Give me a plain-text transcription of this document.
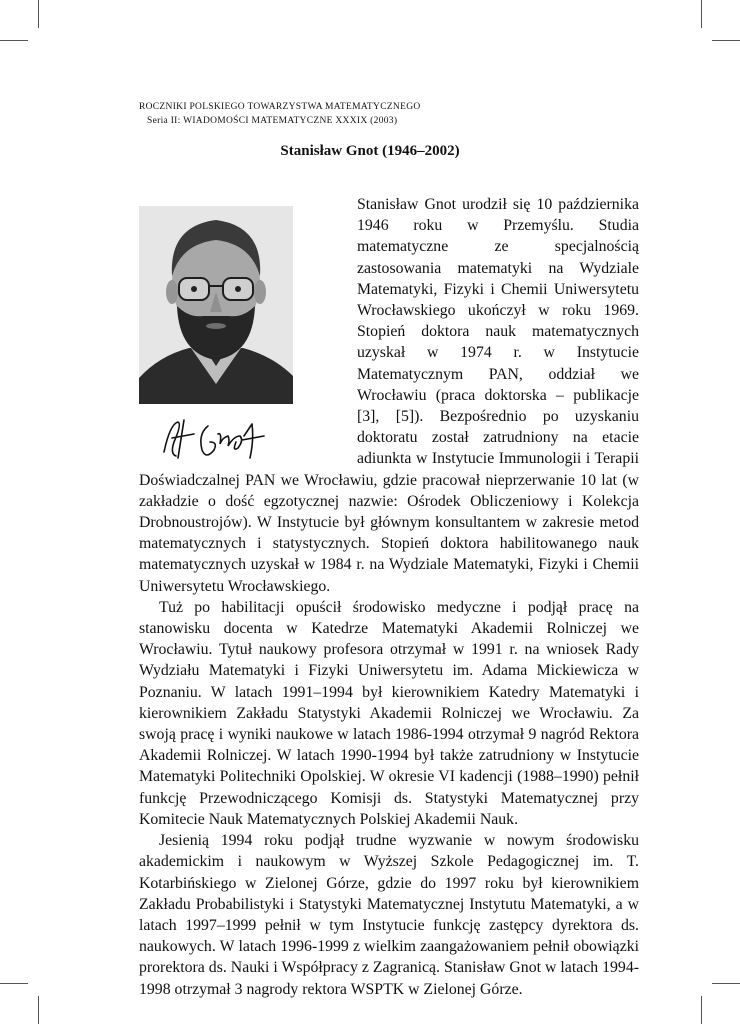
ROCZNIKI POLSKIEGO TOWARZYSTWA MATEMATYCZNEGO
Seria II: WIADOMOŚCI MATEMATYCZNE XXXIX (2003)
Stanisław Gnot (1946–2002)

Stanisław Gnot urodził się 10 października 1946 roku w Przemyślu. Studia matematyczne ze specjalnością zastosowania matematyki na Wydziale Matematyki, Fizyki i Chemii Uniwersytetu Wrocławskiego ukończył w roku 1969. Stopień doktora nauk matematycznych uzyskał w 1974 r. w Instytucie Matematycznym PAN, oddział we Wrocławiu (praca doktorska – publikacje [3], [5]). Bezpośrednio po uzyskaniu doktoratu został zatrudniony na etacie adiunkta w Instytucie Immunologii i Terapii Doświadczalnej PAN we Wrocławiu, gdzie pracował nieprzerwanie 10 lat (w zakładzie o dość egzotycznej nazwie: Ośrodek Obliczeniowy i Kolekcja Drobnoustrojów). W Instytucie był głównym konsultantem w zakresie metod matematycznych i statystycznych. Stopień doktora habilitowanego nauk matematycznych uzyskał w 1984 r. na Wydziale Matematyki, Fizyki i Chemii Uniwersytetu Wrocławskiego.

Tuż po habilitacji opuścił środowisko medyczne i podjął pracę na stanowisku docenta w Katedrze Matematyki Akademii Rolniczej we Wrocławiu. Tytuł naukowy profesora otrzymał w 1991 r. na wniosek Rady Wydziału Matematyki i Fizyki Uniwersytetu im. Adama Mickiewicza w Poznaniu. W latach 1991–1994 był kierownikiem Katedry Matematyki i kierownikiem Zakładu Statystyki Akademii Rolniczej we Wrocławiu. Za swoją pracę i wyniki naukowe w latach 1986-1994 otrzymał 9 nagród Rektora Akademii Rolniczej. W latach 1990-1994 był także zatrudniony w Instytucie Matematyki Politechniki Opolskiej. W okresie VI kadencji (1988–1990) pełnił funkcję Przewodniczącego Komisji ds. Statystyki Matematycznej przy Komitecie Nauk Matematycznych Polskiej Akademii Nauk.

Jesienią 1994 roku podjął trudne wyzwanie w nowym środowisku akademickim i naukowym w Wyższej Szkole Pedagogicznej im. T. Kotarbińskiego w Zielonej Górze, gdzie do 1997 roku był kierownikiem Zakładu Probabilistyki i Statystyki Matematycznej Instytutu Matematyki, a w latach 1997–1999 pełnił w tym Instytucie funkcję zastępcy dyrektora ds. naukowych. W latach 1996-1999 z wielkim zaangażowaniem pełnił obowiązki prorektora ds. Nauki i Współpracy z Zagranicą. Stanisław Gnot w latach 1994-1998 otrzymał 3 nagrody rektora WSPTK w Zielonej Górze.
